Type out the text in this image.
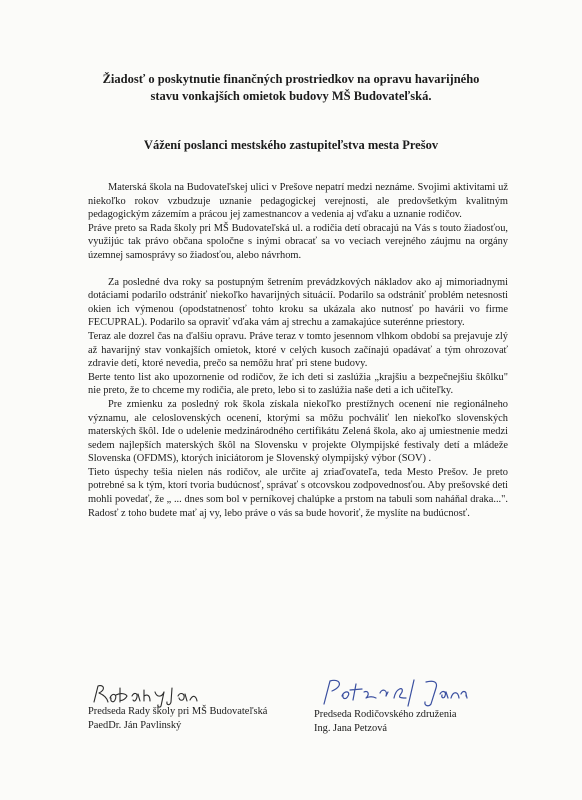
Žiadosť o poskytnutie finančných prostriedkov na opravu havarijného
stavu vonkajších omietok budovy MŠ Budovateľská.
Vážení poslanci mestského zastupiteľstva mesta Prešov

Materská škola na Budovateľskej ulici v Prešove nepatrí medzi neznáme. Svojimi aktivitami už niekoľko rokov vzbudzuje uznanie pedagogickej verejnosti, ale predovšetkým kvalitným pedagogickým zázemím a prácou jej zamestnancov a vedenia aj vďaku a uznanie rodičov.

Práve preto sa Rada školy pri MŠ Budovateľská ul. a rodičia detí obracajú na Vás s touto žiadosťou, využijúc tak právo občana spoločne s inými obracať sa vo veciach verejného záujmu na orgány územnej samosprávy so žiadosťou, alebo návrhom.

Za posledné dva roky sa postupným šetrením prevádzkových nákladov ako aj mimoriadnymi dotáciami podarilo odstrániť niekoľko havarijných situácií. Podarilo sa odstrániť problém netesnosti okien ich výmenou (opodstatnenosť tohto kroku sa ukázala ako nutnosť po havárii vo firme FECUPRAL). Podarilo sa opraviť vďaka vám aj strechu a zamakajúce suterénne priestory.

Teraz ale dozrel čas na ďalšiu opravu. Práve teraz v tomto jesennom vlhkom období sa prejavuje zlý až havarijný stav vonkajších omietok, ktoré v celých kusoch začínajú opadávať a tým ohrozovať zdravie detí, ktoré nevedia, prečo sa nemôžu hrať pri stene budovy.

Berte tento list ako upozornenie od rodičov, že ich deti si zaslúžia „krajšiu a bezpečnejšiu škôlku" nie preto, že to chceme my rodičia, ale preto, lebo si to zaslúžia naše deti a ich učiteľky.

Pre zmienku za posledný rok škola získala niekoľko prestížnych ocenení nie regionálneho významu, ale celoslovenských ocenení, ktorými sa môžu pochváliť len niekoľko slovenských materských škôl. Ide o udelenie medzinárodného certifikátu Zelená škola, ako aj umiestnenie medzi sedem najlepších materských škôl na Slovensku v projekte Olympijské festivaly detí a mládeže Slovenska (OFDMS), ktorých iniciátorom je Slovenský olympijský výbor (SOV) .

Tieto úspechy tešia nielen nás rodičov, ale určite aj zriaďovateľa, teda Mesto Prešov. Je preto potrebné sa k tým, ktorí tvoria budúcnosť, správať s otcovskou zodpovednosťou. Aby prešovské deti mohli povedať, že „ ... dnes som bol v perníkovej chalúpke a prstom na tabuli som naháňal draka...". Radosť z toho budete mať aj vy, lebo práve o vás sa bude hovoriť, že myslíte na budúcnosť.

Predseda Rady školy pri MŠ Budovateľská
PaedDr. Ján Pavlinský
Predseda Rodičovského združenia
Ing. Jana Petzová
